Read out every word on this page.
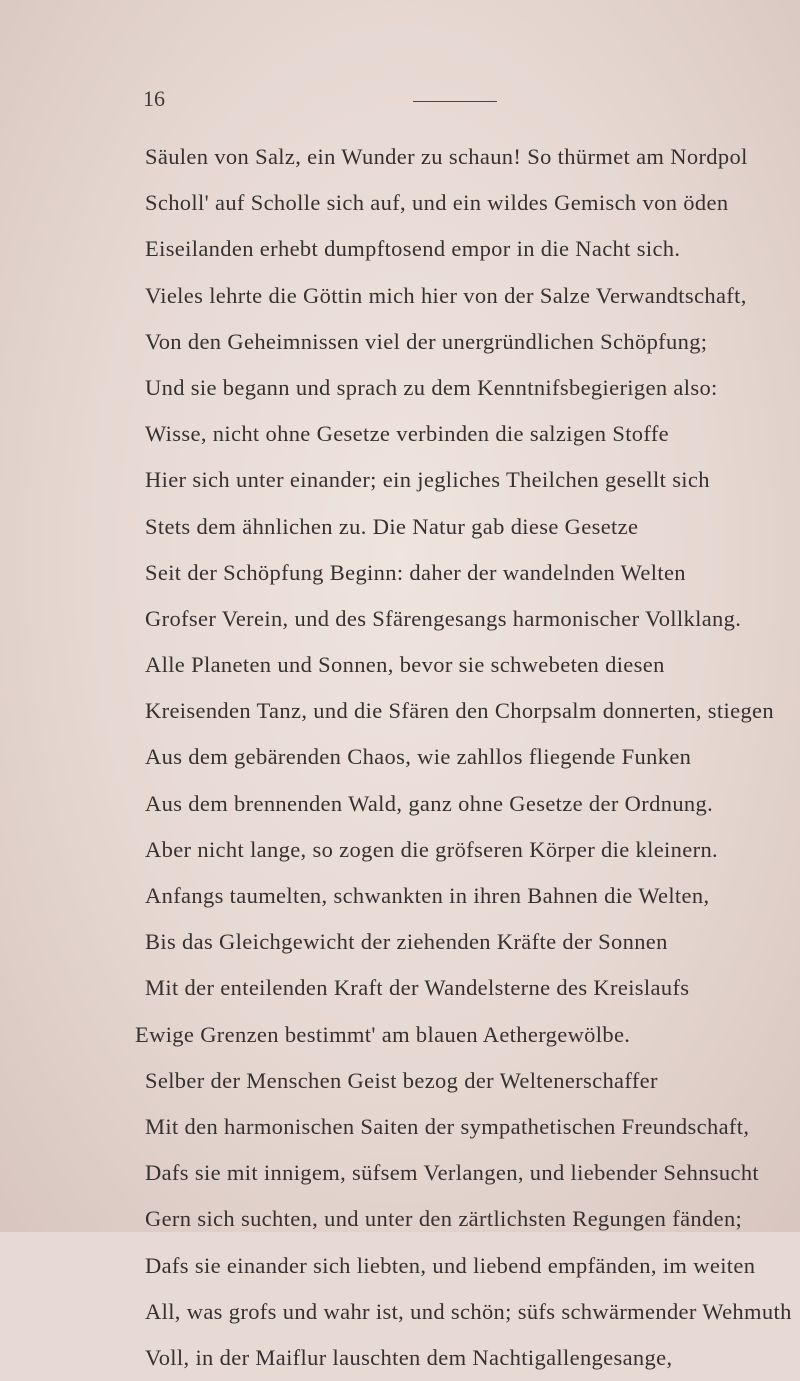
16
Säulen von Salz, ein Wunder zu schaun! So thürmet am Nordpol
Scholl' auf Scholle sich auf, und ein wildes Gemisch von öden
Eiseilanden erhebt dumpftosend empor in die Nacht sich.
Vieles lehrte die Göttin mich hier von der Salze Verwandtschaft,
Von den Geheimnissen viel der unergründlichen Schöpfung;
Und sie begann und sprach zu dem Kenntnifsbegierigen also:
Wisse, nicht ohne Gesetze verbinden die salzigen Stoffe
Hier sich unter einander; ein jegliches Theilchen gesellt sich
Stets dem ähnlichen zu. Die Natur gab diese Gesetze
Seit der Schöpfung Beginn: daher der wandelnden Welten
Grofser Verein, und des Sfärengesangs harmonischer Vollklang.
Alle Planeten und Sonnen, bevor sie schwebeten diesen
Kreisenden Tanz, und die Sfären den Chorpsalm donnerten, stiegen
Aus dem gebärenden Chaos, wie zahllos fliegende Funken
Aus dem brennenden Wald, ganz ohne Gesetze der Ordnung.
Aber nicht lange, so zogen die gröfseren Körper die kleinern.
Anfangs taumelten, schwankten in ihren Bahnen die Welten,
Bis das Gleichgewicht der ziehenden Kräfte der Sonnen
Mit der enteilenden Kraft der Wandelsterne des Kreislaufs
Ewige Grenzen bestimmt' am blauen Aethergewölbe.
Selber der Menschen Geist bezog der Weltenerschaffer
Mit den harmonischen Saiten der sympathetischen Freundschaft,
Dafs sie mit innigem, süfsem Verlangen, und liebender Sehnsucht
Gern sich suchten, und unter den zärtlichsten Regungen fänden;
Dafs sie einander sich liebten, und liebend empfänden, im weiten
All, was grofs und wahr ist, und schön; süfs schwärmender Wehmuth
Voll, in der Maiflur lauschten dem Nachtigallengesange,
